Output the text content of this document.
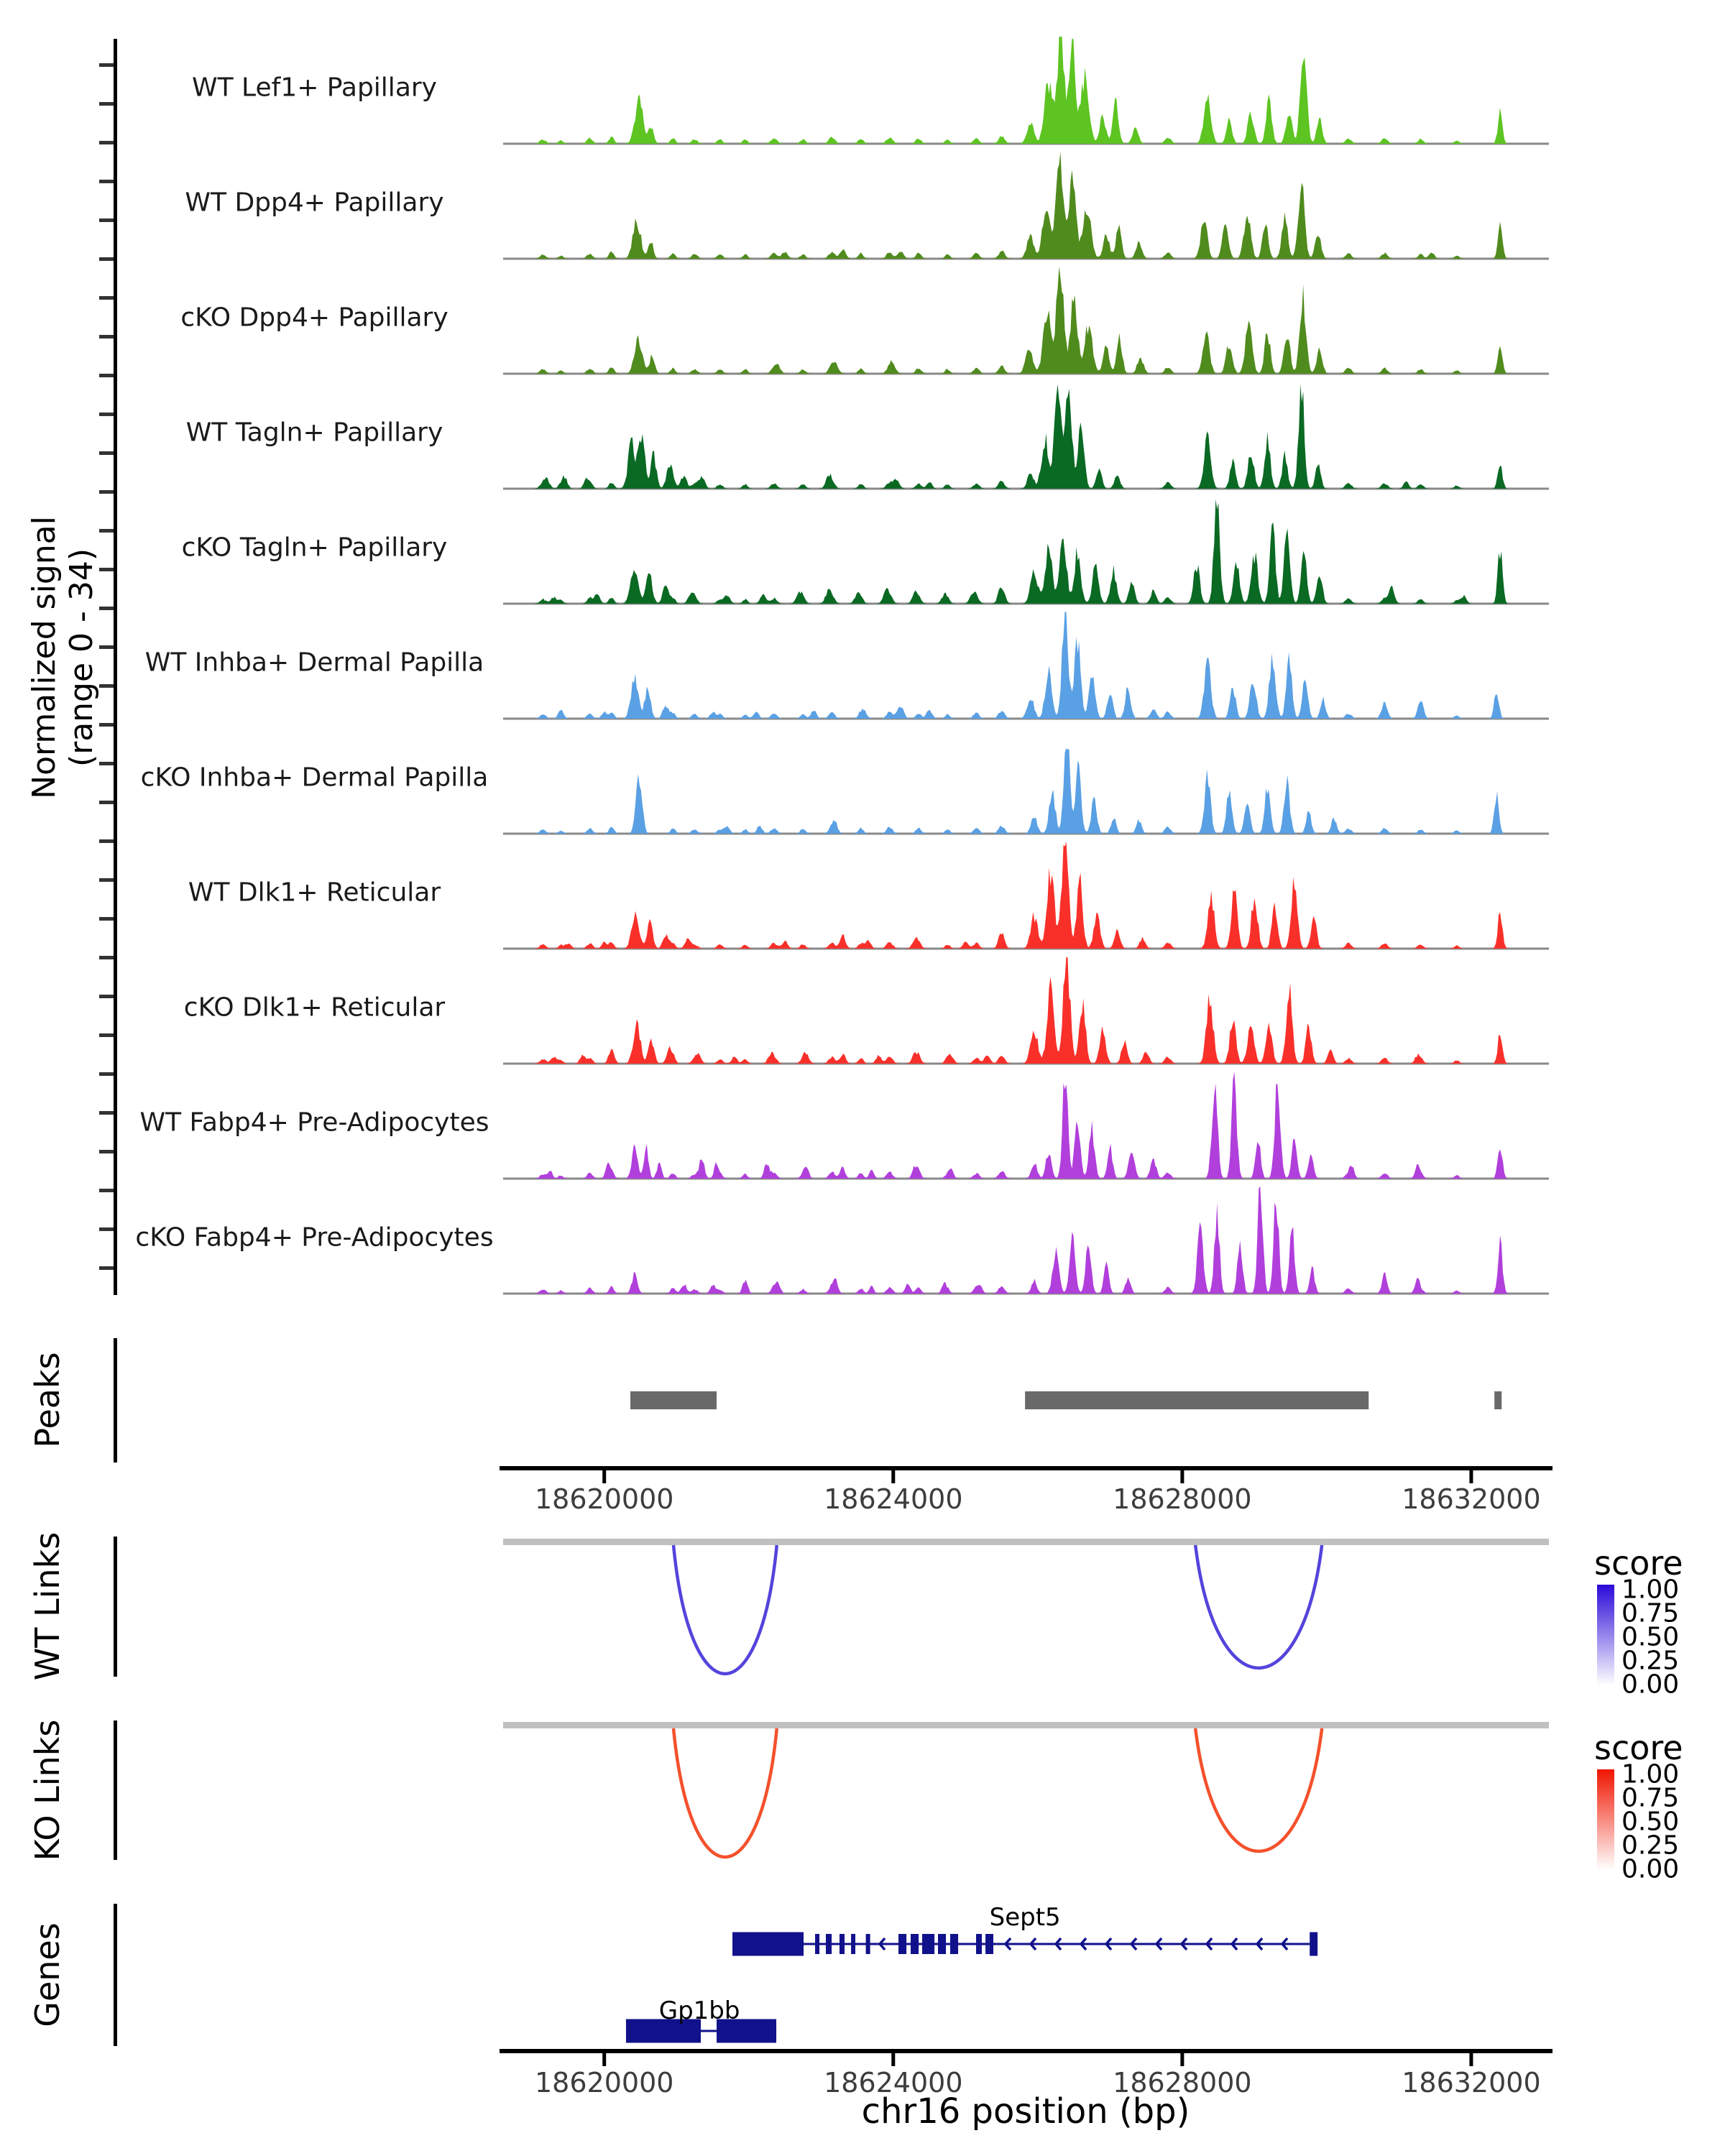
Normalized signal (range 0 - 34)
Peaks
WT Links
KO Links
Genes
WT Lef1+ Papillary
WT Dpp4+ Papillary
cKO Dpp4+ Papillary
WT Tagln+ Papillary
cKO Tagln+ Papillary
WT Inhba+ Dermal Papilla
cKO Inhba+ Dermal Papilla
WT Dlk1+ Reticular
cKO Dlk1+ Reticular
WT Fabp4+ Pre-Adipocytes
cKO Fabp4+ Pre-Adipocytes
18620000	18624000	18628000	18632000
18620000	18624000	18628000	18632000
Sept5
Gp1bb
score
1.00
0.75
0.50
0.25
0.00
score
1.00
0.75
0.50
0.25
0.00
chr16 position (bp)
